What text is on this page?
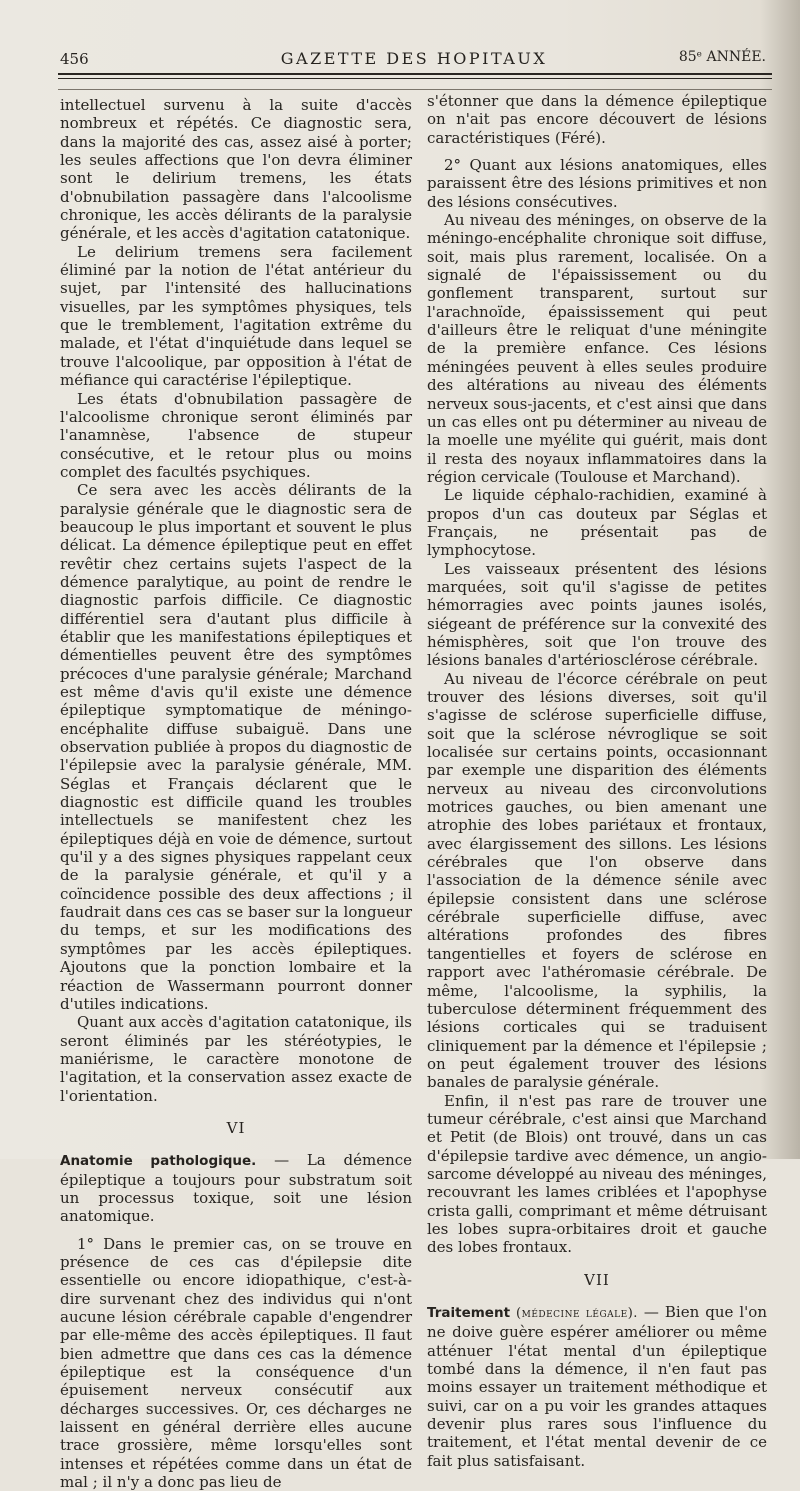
456	GAZETTE DES HOPITAUX	85ᵉ ANNÉE.

intellectuel survenu à la suite d'accès nombreux et répétés. Ce diagnostic sera, dans la majorité des cas, assez aisé à porter; les seules affections que l'on devra éliminer sont le delirium tremens, les états d'obnubilation passagère dans l'alcoolisme chronique, les accès délirants de la paralysie générale, et les accès d'agitation catatonique.

Le delirium tremens sera facilement éliminé par la notion de l'état antérieur du sujet, par l'intensité des hallucinations visuelles, par les symptômes physiques, tels que le tremblement, l'agitation extrême du malade, et l'état d'inquiétude dans lequel se trouve l'alcoolique, par opposition à l'état de méfiance qui caractérise l'épileptique.

Les états d'obnubilation passagère de l'alcoolisme chronique seront éliminés par l'anamnèse, l'absence de stupeur consécutive, et le retour plus ou moins complet des facultés psychiques.

Ce sera avec les accès délirants de la paralysie générale que le diagnostic sera de beaucoup le plus important et souvent le plus délicat. La démence épileptique peut en effet revêtir chez certains sujets l'aspect de la démence paralytique, au point de rendre le diagnostic parfois difficile. Ce diagnostic différentiel sera d'autant plus difficile à établir que les manifestations épileptiques et démentielles peuvent être des symptômes précoces d'une paralysie générale; Marchand est même d'avis qu'il existe une démence épileptique symptomatique de méningo-encéphalite diffuse subaiguë. Dans une observation publiée à propos du diagnostic de l'épilepsie avec la paralysie générale, MM. Séglas et Français déclarent que le diagnostic est difficile quand les troubles intellectuels se manifestent chez les épileptiques déjà en voie de démence, surtout qu'il y a des signes physiques rappelant ceux de la paralysie générale, et qu'il y a coïncidence possible des deux affections ; il faudrait dans ces cas se baser sur la longueur du temps, et sur les modifications des symptômes par les accès épileptiques. Ajoutons que la ponction lombaire et la réaction de Wassermann pourront donner d'utiles indications.

Quant aux accès d'agitation catatonique, ils seront éliminés par les stéréotypies, le maniérisme, le caractère monotone de l'agitation, et la conservation assez exacte de l'orientation.

VI

Anatomie pathologique. — La démence épileptique a toujours pour substratum soit un processus toxique, soit une lésion anatomique.

1° Dans le premier cas, on se trouve en présence de ces cas d'épilepsie dite essentielle ou encore idiopathique, c'est-à-dire survenant chez des individus qui n'ont aucune lésion cérébrale capable d'engendrer par elle-même des accès épileptiques. Il faut bien admettre que dans ces cas la démence épileptique est la conséquence d'un épuisement nerveux consécutif aux décharges successives. Or, ces décharges ne laissent en général derrière elles aucune trace grossière, même lorsqu'elles sont intenses et répétées comme dans un état de mal ; il n'y a donc pas lieu de

s'étonner que dans la démence épileptique on n'ait pas encore découvert de lésions caractéristiques (Féré).

2° Quant aux lésions anatomiques, elles paraissent être des lésions primitives et non des lésions consécutives.

Au niveau des méninges, on observe de la méningo-encéphalite chronique soit diffuse, soit, mais plus rarement, localisée. On a signalé de l'épaississement ou du gonflement transparent, surtout sur l'arachnoïde, épaississement qui peut d'ailleurs être le reliquat d'une méningite de la première enfance. Ces lésions méningées peuvent à elles seules produire des altérations au niveau des éléments nerveux sous-jacents, et c'est ainsi que dans un cas elles ont pu déterminer au niveau de la moelle une myélite qui guérit, mais dont il resta des noyaux inflammatoires dans la région cervicale (Toulouse et Marchand).

Le liquide céphalo-rachidien, examiné à propos d'un cas douteux par Séglas et Français, ne présentait pas de lymphocytose.

Les vaisseaux présentent des lésions marquées, soit qu'il s'agisse de petites hémorragies avec points jaunes isolés, siégeant de préférence sur la convexité des hémisphères, soit que l'on trouve des lésions banales d'artériosclérose cérébrale.

Au niveau de l'écorce cérébrale on peut trouver des lésions diverses, soit qu'il s'agisse de sclérose superficielle diffuse, soit que la sclérose névroglique se soit localisée sur certains points, occasionnant par exemple une disparition des éléments nerveux au niveau des circonvolutions motrices gauches, ou bien amenant une atrophie des lobes pariétaux et frontaux, avec élargissement des sillons. Les lésions cérébrales que l'on observe dans l'association de la démence sénile avec épilepsie consistent dans une sclérose cérébrale superficielle diffuse, avec altérations profondes des fibres tangentielles et foyers de sclérose en rapport avec l'athéromasie cérébrale. De même, l'alcoolisme, la syphilis, la tuberculose déterminent fréquemment des lésions corticales qui se traduisent cliniquement par la démence et l'épilepsie ; on peut également trouver des lésions banales de paralysie générale.

Enfin, il n'est pas rare de trouver une tumeur cérébrale, c'est ainsi que Marchand et Petit (de Blois) ont trouvé, dans un cas d'épilepsie tardive avec démence, un angio-sarcome développé au niveau des méninges, recouvrant les lames criblées et l'apophyse crista galli, comprimant et même détruisant les lobes supra-orbitaires droit et gauche des lobes frontaux.

VII

Traitement (médecine légale). — Bien que l'on ne doive guère espérer améliorer ou même atténuer l'état mental d'un épileptique tombé dans la démence, il n'en faut pas moins essayer un traitement méthodique et suivi, car on a pu voir les grandes attaques devenir plus rares sous l'influence du traitement, et l'état mental devenir de ce fait plus satisfaisant.
